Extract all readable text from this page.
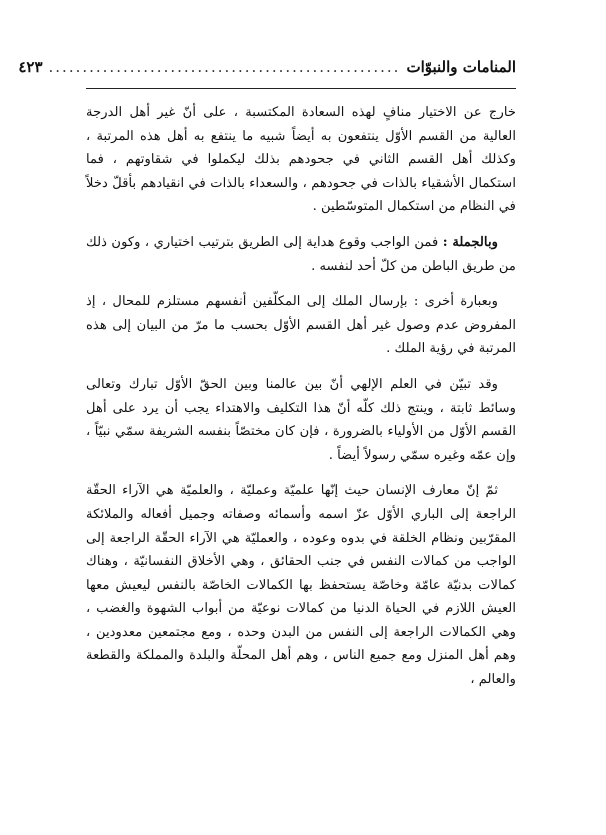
المنامات والنبوّات
....................................................
٤٢٣

خارج عن الاختيار منافٍ لهذه السعادة المكتسبة ، على أنّ غير أهل الدرجة العالية من القسم الأوّل ينتفعون به أيضاً شبيه ما ينتفع به أهل هذه المرتبة ، وكذلك أهل القسم الثاني في جحودهم بذلك ليكملوا في شقاوتهم ، فما استكمال الأشقياء بالذات في جحودهم ، والسعداء بالذات في انقيادهم بأقلّ دخلاً في النظام من استكمال المتوسّطين .

وبالجملة : فمن الواجب وقوع هداية إلى الطريق بترتيب اختياري ، وكون ذلك من طريق الباطن من كلّ أحد لنفسه .

وبعبارة أخرى : بإرسال الملك إلى المكلّفين أنفسهم مستلزم للمحال ، إذ المفروض عدم وصول غير أهل القسم الأوّل بحسب ما مرّ من البيان إلى هذه المرتبة في رؤية الملك .

وقد تبيّن في العلم الإلهي أنّ بين عالمنا وبين الحقّ الأوّل تبارك وتعالى وسائط ثابتة ، وينتج ذلك كلّه أنّ هذا التكليف والاهتداء يجب أن يرد على أهل القسم الأوّل من الأولياء بالضرورة ، فإن كان مختصّاً بنفسه الشريفة سمّي نبيّاً ، وإن عمّه وغيره سمّي رسولاً أيضاً .

ثمّ إنّ معارف الإنسان حيث إنّها علميّة وعمليّة ، والعلميّة هي الآراء الحقّة الراجعة إلى الباري الأوّل عزّ اسمه وأسمائه وصفاته وجميل أفعاله والملائكة المقرّبين ونظام الخلقة في بدوه وعوده ، والعمليّة هي الآراء الحقّة الراجعة إلى الواجب من كمالات النفس في جنب الحقائق ، وهي الأخلاق النفسانيّة ، وهناك كمالات بدنيّة عامّة وخاصّة يستحفظ بها الكمالات الخاصّة بالنفس ليعيش معها العيش اللازم في الحياة الدنيا من كمالات نوعيّة من أبواب الشهوة والغضب ، وهي الكمالات الراجعة إلى النفس من البدن وحده ، ومع مجتمعين معدودين ، وهم أهل المنزل ومع جميع الناس ، وهم أهل المحلّة والبلدة والمملكة والقطعة والعالم ،
